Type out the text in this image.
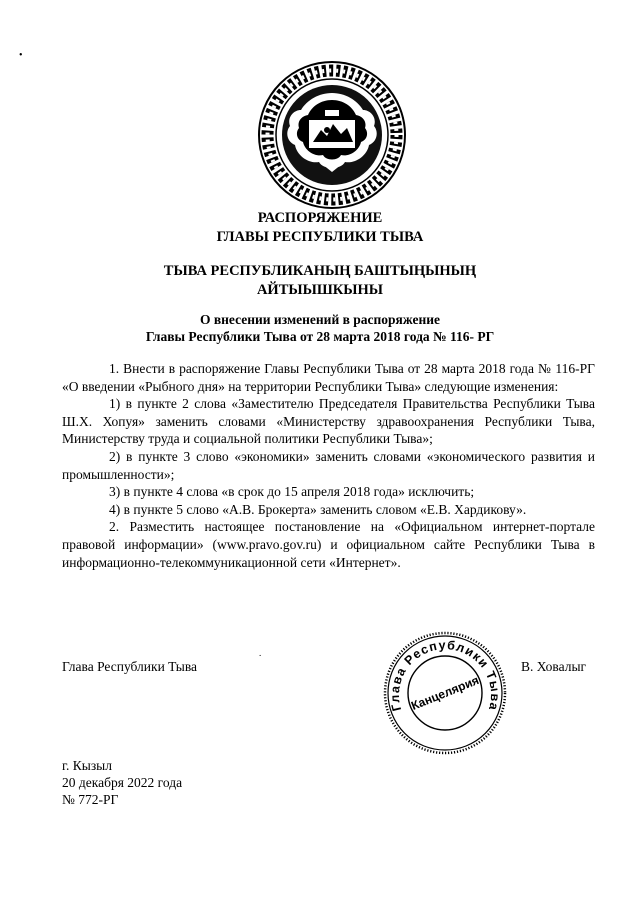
•
РАСПОРЯЖЕНИЕ
ГЛАВЫ РЕСПУБЛИКИ ТЫВА
ТЫВА РЕСПУБЛИКАНЫҢ БАШТЫҢЫНЫҢ
АЙТЫЫШКЫНЫ
О внесении изменений в распоряжение
Главы Республики Тыва от 28 марта 2018 года № 116- РГ

1. Внести в распоряжение Главы Республики Тыва от 28 марта 2018 года № 116-РГ «О введении «Рыбного дня» на территории Республики Тыва» следующие изменения:

1) в пункте 2 слова «Заместителю Председателя Правительства Республики Тыва Ш.Х. Хопуя» заменить словами «Министерству здравоохранения Республики Тыва, Министерству труда и социальной политики Республики Тыва»;

2) в пункте 3 слово «экономики» заменить словами «экономического развития и промышленности»;

3) в пункте 4 слова «в срок до 15 апреля 2018 года» исключить;

4) в пункте 5 слово «А.В. Брокерта» заменить словом «Е.В. Хардикову».

2. Разместить настоящее постановление на «Официальном интернет-портале правовой информации» (www.pravo.gov.ru) и официальном сайте Республики Тыва в информационно-телекоммуникационной сети «Интернет».

.
Глава Республики Тыва
Глава Республики Тыва
Канцелярия
В. Ховалыг
г. Кызыл
20 декабря 2022 года
№ 772-РГ
